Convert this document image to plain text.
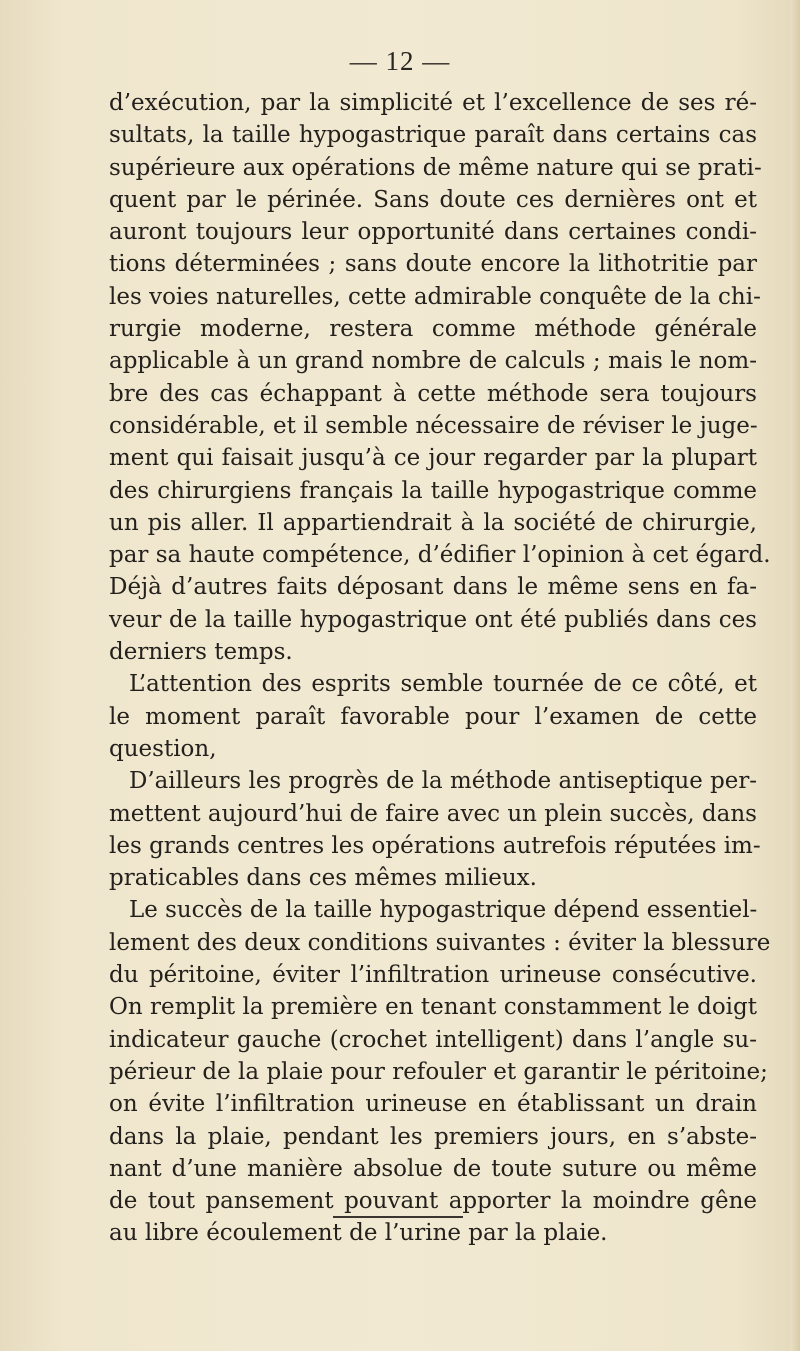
— 12 —
d’exécution, par la simplicité et l’excellence de ses ré-
sultats, la taille hypogastrique paraît dans certains cas
supérieure aux opérations de même nature qui se prati-
quent par le périnée. Sans doute ces dernières ont et
auront toujours leur opportunité dans certaines condi-
tions déterminées ; sans doute encore la lithotritie par
les voies naturelles, cette admirable conquête de la chi-
rurgie moderne, restera comme méthode générale
applicable à un grand nombre de calculs ; mais le nom-
bre des cas échappant à cette méthode sera toujours
considérable, et il semble nécessaire de réviser le juge-
ment qui faisait jusqu’à ce jour regarder par la plupart
des chirurgiens français la taille hypogastrique comme
un pis aller. Il appartiendrait à la société de chirurgie,
par sa haute compétence, d’édifier l’opinion à cet égard.
Déjà d’autres faits déposant dans le même sens en fa-
veur de la taille hypogastrique ont été publiés dans ces
derniers temps.
L’attention des esprits semble tournée de ce côté, et
le moment paraît favorable pour l’examen de cette
question,
D’ailleurs les progrès de la méthode antiseptique per-
mettent aujourd’hui de faire avec un plein succès, dans
les grands centres les opérations autrefois réputées im-
praticables dans ces mêmes milieux.
Le succès de la taille hypogastrique dépend essentiel-
lement des deux conditions suivantes : éviter la blessure
du péritoine, éviter l’infiltration urineuse consécutive.
On remplit la première en tenant constamment le doigt
indicateur gauche (crochet intelligent) dans l’angle su-
périeur de la plaie pour refouler et garantir le péritoine;
on évite l’infiltration urineuse en établissant un drain
dans la plaie, pendant les premiers jours, en s’abste-
nant d’une manière absolue de toute suture ou même
de tout pansement pouvant apporter la moindre gêne
au libre écoulement de l’urine par la plaie.
